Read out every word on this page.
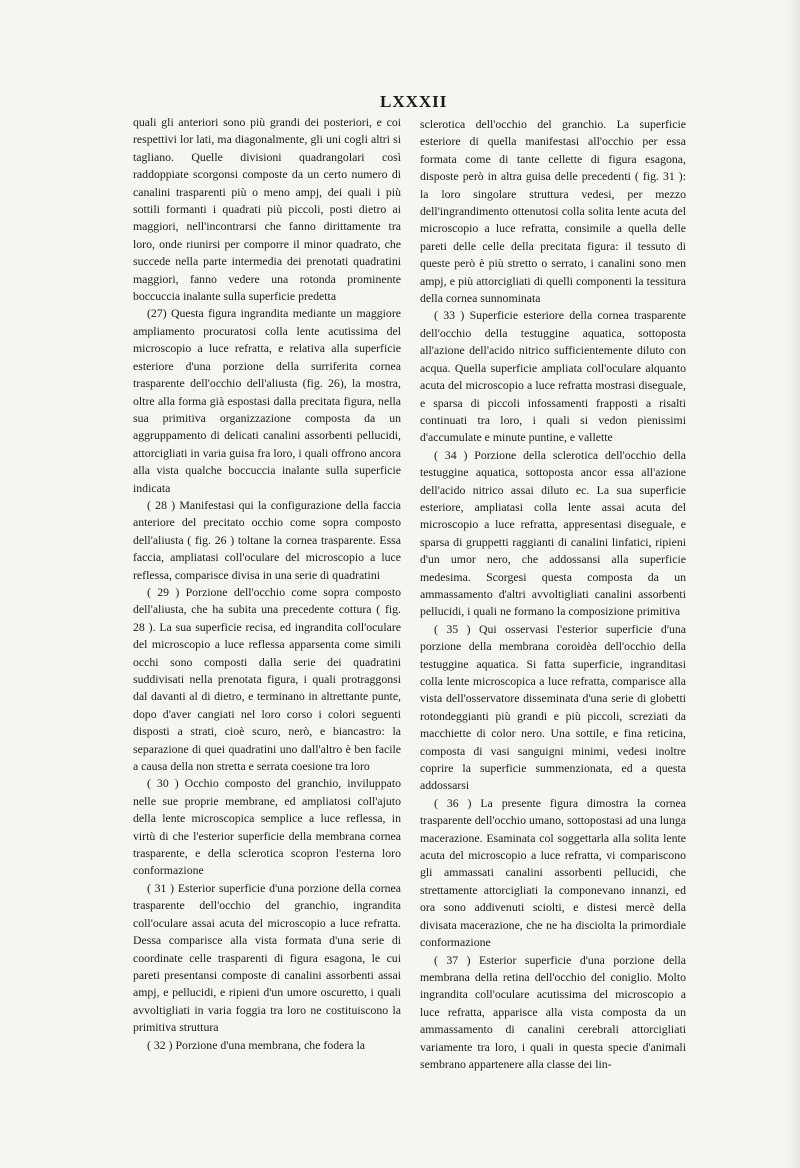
LXXXII

quali gli anteriori sono più grandi dei posteriori, e coi respettivi lor lati, ma diagonalmente, gli uni cogli altri si tagliano. Quelle divisioni quadrangolari così raddoppiate scorgonsi composte da un certo numero di canalini trasparenti più o meno ampj, dei quali i più sottili formanti i quadrati più piccoli, posti dietro ai maggiori, nell'incontrarsi che fanno dirittamente tra loro, onde riunirsi per comporre il minor quadrato, che succede nella parte intermedia dei prenotati quadratini maggiori, fanno vedere una rotonda prominente boccuccia inalante sulla superficie predetta

(27) Questa figura ingrandita mediante un maggiore ampliamento procuratosi colla lente acutissima del microscopio a luce refratta, e relativa alla superficie esteriore d'una porzione della surriferita cornea trasparente dell'occhio dell'aliusta (fig. 26), la mostra, oltre alla forma già espostasi dalla precitata figura, nella sua primitiva organizzazione composta da un aggruppamento di delicati canalini assorbenti pellucidi, attorcigliati in varia guisa fra loro, i quali offrono ancora alla vista qualche boccuccia inalante sulla superficie indicata

( 28 ) Manifestasi qui la configurazione della faccia anteriore del precitato occhio come sopra composto dell'aliusta ( fig. 26 ) toltane la cornea trasparente. Essa faccia, ampliatasi coll'oculare del microscopio a luce reflessa, comparisce divisa in una serie di quadratini

( 29 ) Porzione dell'occhio come sopra composto dell'aliusta, che ha subita una precedente cottura ( fig. 28 ). La sua superficie recisa, ed ingrandita coll'oculare del microscopio a luce reflessa apparsenta come simili occhi sono composti dalla serie dei quadratini suddivisati nella prenotata figura, i quali protraggonsi dal davanti al di dietro, e terminano in altrettante punte, dopo d'aver cangiati nel loro corso i colori seguenti disposti a strati, cioè scuro, nerò, e biancastro: la separazione di quei quadratini uno dall'altro è ben facile a causa della non stretta e serrata coesione tra loro

( 30 ) Occhio composto del granchio, inviluppato nelle sue proprie membrane, ed ampliatosi coll'ajuto della lente microscopica semplice a luce reflessa, in virtù di che l'esterior superficie della membrana cornea trasparente, e della sclerotica scopron l'esterna loro conformazione

( 31 ) Esterior superficie d'una porzione della cornea trasparente dell'occhio del granchio, ingrandita coll'oculare assai acuta del microscopio a luce refratta. Dessa comparisce alla vista formata d'una serie di coordinate celle trasparenti di figura esagona, le cui pareti presentansi composte di canalini assorbenti assai ampj, e pellucidi, e ripieni d'un umore oscuretto, i quali avvoltigliati in varia foggia tra loro ne costituiscono la primitiva struttura

( 32 ) Porzione d'una membrana, che fodera la

sclerotica dell'occhio del granchio. La superficie esteriore di quella manifestasi all'occhio per essa formata come di tante cellette di figura esagona, disposte però in altra guisa delle precedenti ( fig. 31 ): la loro singolare struttura vedesi, per mezzo dell'ingrandimento ottenutosi colla solita lente acuta del microscopio a luce refratta, consimile a quella delle pareti delle celle della precitata figura: il tessuto di queste però è più stretto o serrato, i canalini sono men ampj, e più attorcigliati di quelli componenti la tessitura della cornea sunnominata

( 33 ) Superficie esteriore della cornea trasparente dell'occhio della testuggine aquatica, sottoposta all'azione dell'acido nitrico sufficientemente diluto con acqua. Quella superficie ampliata coll'oculare alquanto acuta del microscopio a luce refratta mostrasi diseguale, e sparsa di piccoli infossamenti frapposti a risalti continuati tra loro, i quali si vedon pienissimi d'accumulate e minute puntine, e vallette

( 34 ) Porzione della sclerotica dell'occhio della testuggine aquatica, sottoposta ancor essa all'azione dell'acido nitrico assai diluto ec. La sua superficie esteriore, ampliatasi colla lente assai acuta del microscopio a luce refratta, appresentasi diseguale, e sparsa di gruppetti raggianti di canalini linfatici, ripieni d'un umor nero, che addossansi alla superficie medesima. Scorgesi questa composta da un ammassamento d'altri avvoltigliati canalini assorbenti pellucidi, i quali ne formano la composizione primitiva

( 35 ) Qui osservasi l'esterior superficie d'una porzione della membrana coroidèa dell'occhio della testuggine aquatica. Si fatta superficie, ingranditasi colla lente microscopica a luce refratta, comparisce alla vista dell'osservatore disseminata d'una serie di globetti rotondeggianti più grandi e più piccoli, screziati da macchiette di color nero. Una sottile, e fina reticina, composta di vasi sanguigni minimi, vedesi inoltre coprire la superficie summenzionata, ed a questa addossarsi

( 36 ) La presente figura dimostra la cornea trasparente dell'occhio umano, sottopostasi ad una lunga macerazione. Esaminata col soggettarla alla solita lente acuta del microscopio a luce refratta, vi compariscono gli ammassati canalini assorbenti pellucidi, che strettamente attorcigliati la componevano innanzi, ed ora sono addivenuti sciolti, e distesi mercè della divisata macerazione, che ne ha disciolta la primordiale conformazione

( 37 ) Esterior superficie d'una porzione della membrana della retina dell'occhio del coniglio. Molto ingrandita coll'oculare acutissima del microscopio a luce refratta, apparisce alla vista composta da un ammassamento di canalini cerebrali attorcigliati variamente tra loro, i quali in questa specie d'animali sembrano appartenere alla classe dei lin-
